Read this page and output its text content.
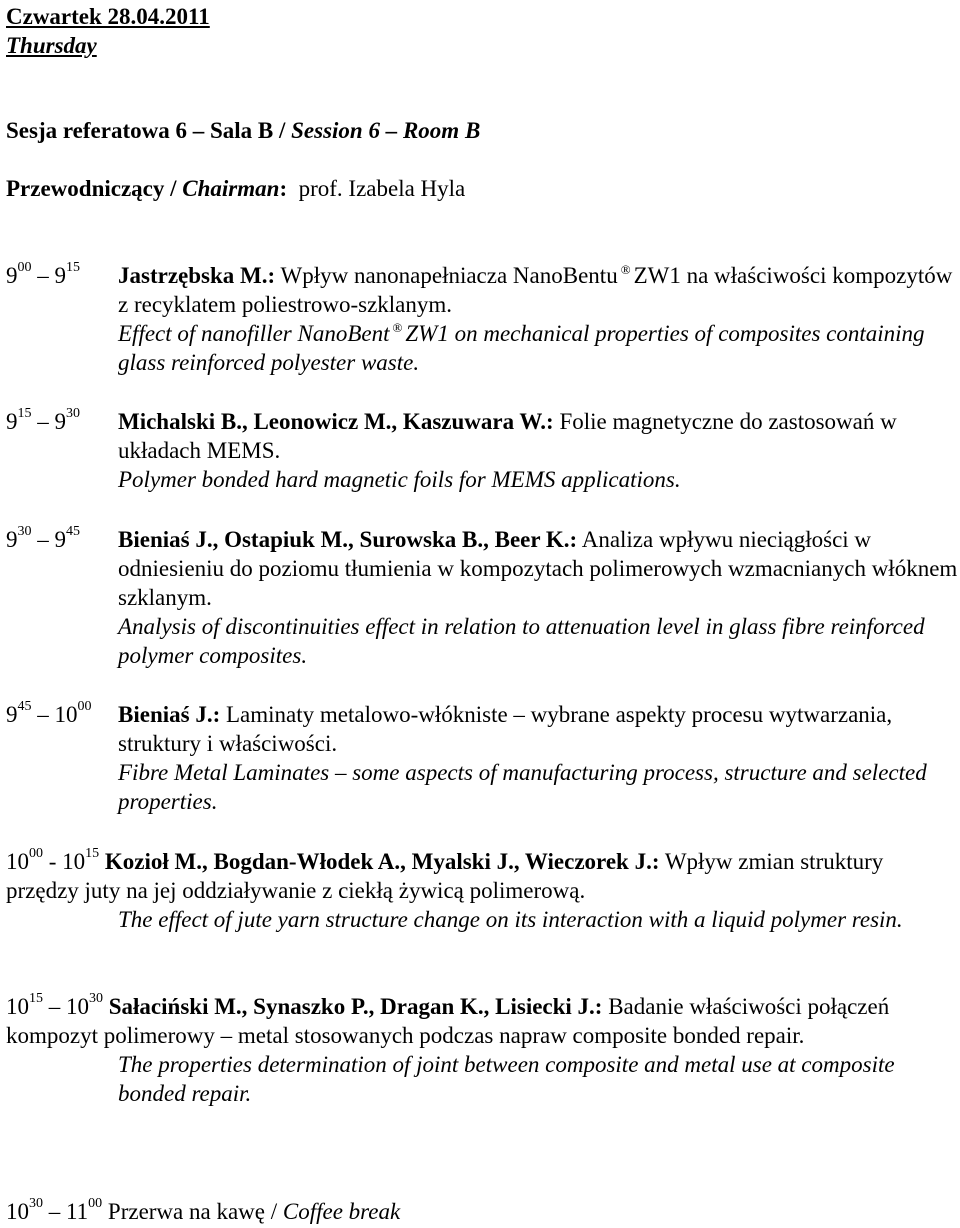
Czwartek 28.04.2011
Thursday
Sesja referatowa 6 – Sala B / Session 6 – Room B
Przewodniczący / Chairman: prof. Izabela Hyla
$9^{00} - 9^{15}$ Jastrzębska M.: Wpływ nanonapełniacza NanoBentu ® ZW1 na właściwości kompozytów z recyklatem poliestrowo-szklanym.

Effect of nanofiller NanoBent ® ZW1 on mechanical properties of composites containing glass reinforced polyester waste.

$9^{15} - 9^{30}$ Michalski B., Leonowicz M., Kaszuwara W.: Folie magnetyczne do zastosowań w układach MEMS.

Polymer bonded hard magnetic foils for MEMS applications.

$9^{30} - 9^{45}$ Bieniaś J., Ostapiuk M., Surowska B., Beer K.: Analiza wpływu nieciągłości w odniesieniu do poziomu tłumienia w kompozytach polimerowych wzmacnianych włóknem szklanym.

Analysis of discontinuities effect in relation to attenuation level in glass fibre reinforced polymer composites.

$9^{45} - 10^{00}$ Bieniaś J.: Laminaty metalowo-włókniste – wybrane aspekty procesu wytwarzania, struktury i właściwości.

Fibre Metal Laminates – some aspects of manufacturing process, structure and selected properties.

$10^{00} - 10^{15}$ Kozioł M., Bogdan-Włodek A., Myalski J., Wieczorek J.: Wpływ zmian struktury przędzy juty na jej oddziaływanie z ciekłą żywicą polimerową.

The effect of jute yarn structure change on its interaction with a liquid polymer resin.

$10^{15} - 10^{30}$ Sałaciński M., Synaszko P., Dragan K., Lisiecki J.: Badanie właściwości połączeń kompozyt polimerowy – metal stosowanych podczas napraw composite bonded repair.

The properties determination of joint between composite and metal use at composite bonded repair.

$10^{30} - 11^{00}$ Przerwa na kawę / Coffee break
